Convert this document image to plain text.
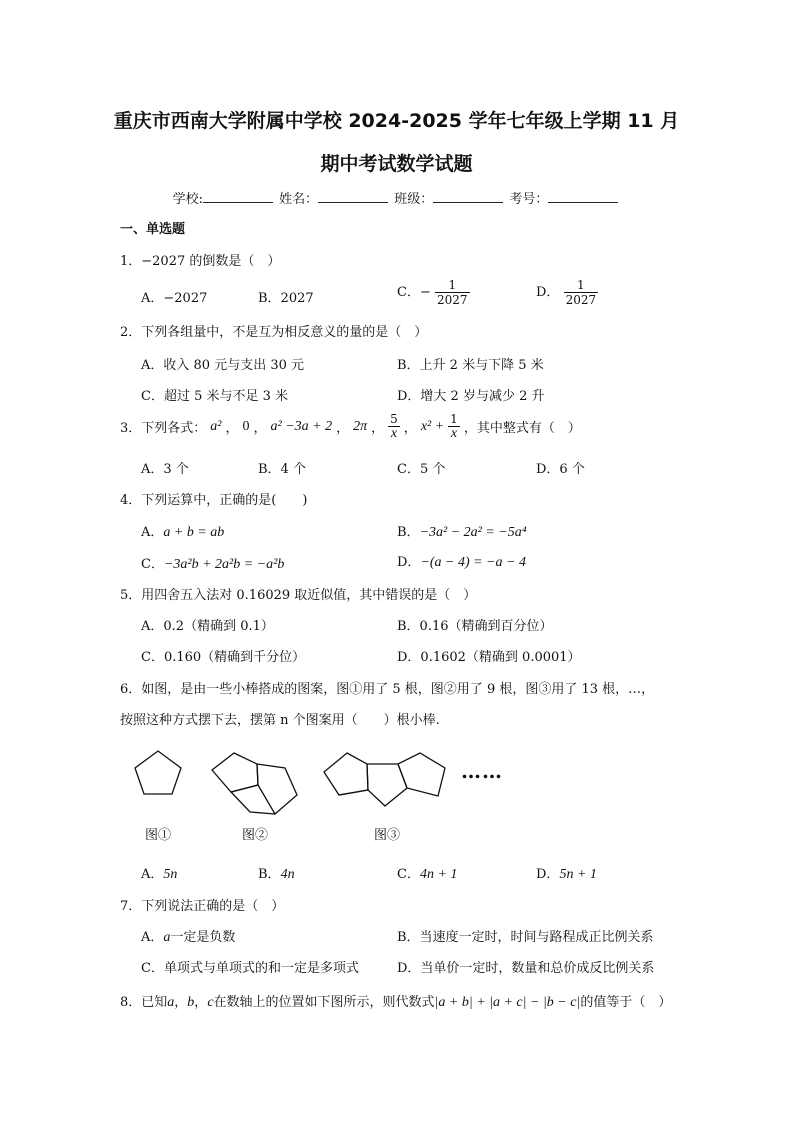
重庆市西南大学附属中学校 2024-2025 学年七年级上学期 11 月
期中考试数学试题
学校:	姓名：	班级：	考号：
一、单选题
1．−2027 的倒数是（　）
A．−2027	B．2027	C．− $\frac{1}{2027}$	D． $\frac{1}{2027}$
2．下列各组量中，不是互为相反意义的量的是（　）
A．收入 80 元与支出 30 元	B．上升 2 米与下降 5 米
C．超过 5 米与不足 3 米	D．增大 2 岁与减少 2 升
3．下列各式： a² ， 0 ， a² −3a + 2 ， 2π ， $\frac{5}{x}$ ， $x^2 + \frac{1}{x}$ ，其中整式有（　）
A．3 个	B．4 个	C．5 个	D．6 个
4．下列运算中，正确的是(　　)
A．a + b = ab	B．−3a² − 2a² = −5a⁴
C．−3a²b + 2a²b = −a²b	D．−(a − 4) = −a − 4
5．用四舍五入法对 0.16029 取近似值，其中错误的是（　）
A．0.2（精确到 0.1）	B．0.16（精确到百分位）
C．0.160（精确到千分位）	D．0.1602（精确到 0.0001）
6．如图，是由一些小棒搭成的图案，图①用了 5 根，图②用了 9 根，图③用了 13 根，…，
按照这种方式摆下去，摆第 n 个图案用（　　）根小棒.
……
图①	图②	图③
A．5n	B．4n	C．4n + 1	D．5n + 1
7．下列说法正确的是（　）
A．a一定是负数	B．当速度一定时，时间与路程成正比例关系
C．单项式与单项式的和一定是多项式	D．当单价一定时，数量和总价成反比例关系
8．已知a，b，c在数轴上的位置如下图所示，则代数式|a + b| + |a + c| − |b − c|的值等于（　）
